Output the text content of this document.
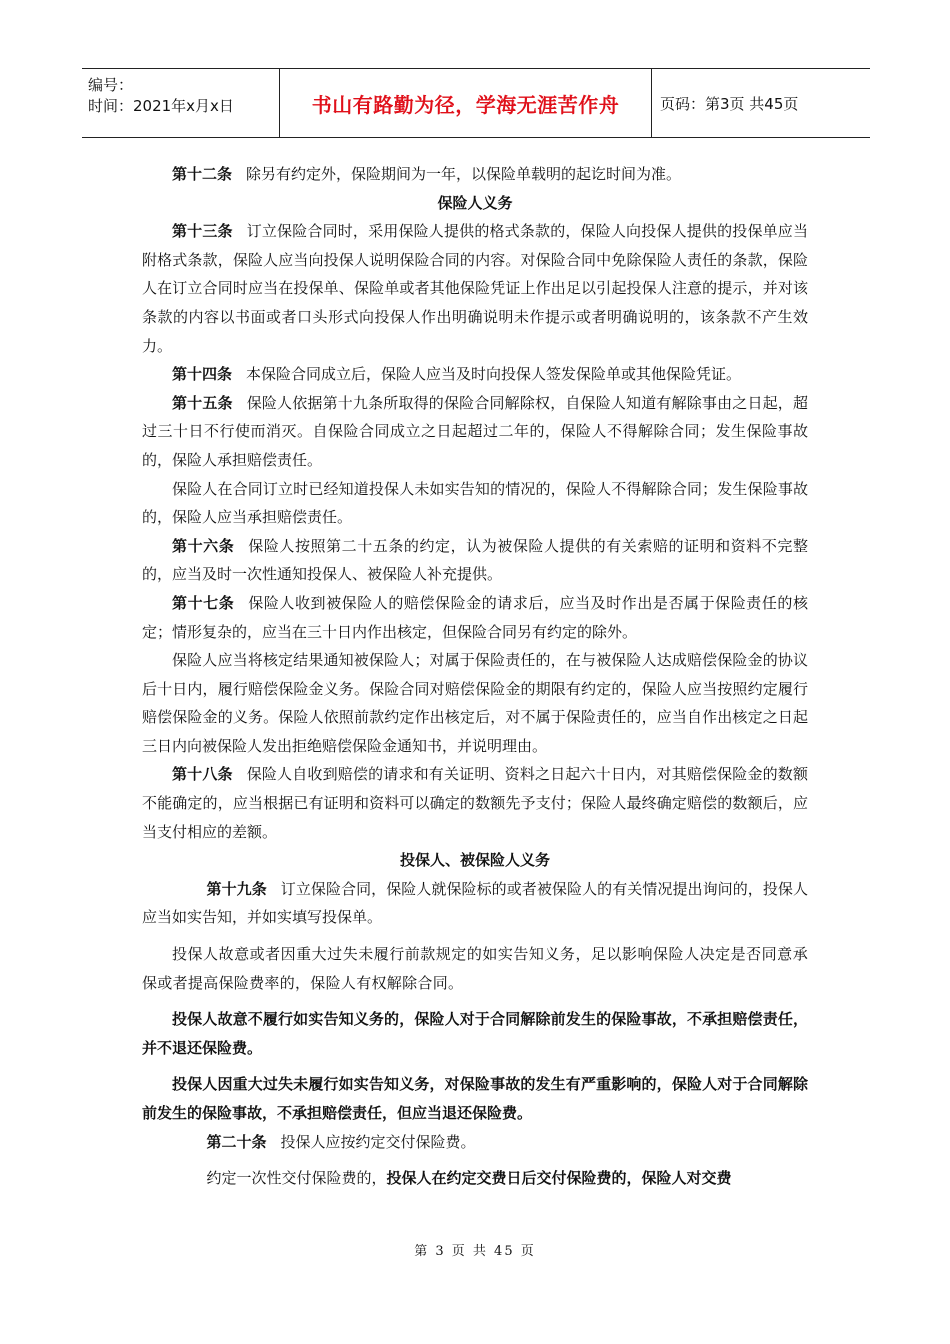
编号：
时间：2021年x月x日	书山有路勤为径，学海无涯苦作舟	页码：第3页 共45页

第十二条 除另有约定外，保险期间为一年，以保险单载明的起讫时间为准。

保险人义务

第十三条 订立保险合同时，采用保险人提供的格式条款的，保险人向投保人提供的投保单应当附格式条款，保险人应当向投保人说明保险合同的内容。对保险合同中免除保险人责任的条款，保险人在订立合同时应当在投保单、保险单或者其他保险凭证上作出足以引起投保人注意的提示，并对该条款的内容以书面或者口头形式向投保人作出明确说明未作提示或者明确说明的，该条款不产生效力。

第十四条 本保险合同成立后，保险人应当及时向投保人签发保险单或其他保险凭证。

第十五条 保险人依据第十九条所取得的保险合同解除权，自保险人知道有解除事由之日起，超过三十日不行使而消灭。自保险合同成立之日起超过二年的，保险人不得解除合同；发生保险事故的，保险人承担赔偿责任。

保险人在合同订立时已经知道投保人未如实告知的情况的，保险人不得解除合同；发生保险事故的，保险人应当承担赔偿责任。

第十六条 保险人按照第二十五条的约定，认为被保险人提供的有关索赔的证明和资料不完整的，应当及时一次性通知投保人、被保险人补充提供。

第十七条 保险人收到被保险人的赔偿保险金的请求后，应当及时作出是否属于保险责任的核定；情形复杂的，应当在三十日内作出核定，但保险合同另有约定的除外。

保险人应当将核定结果通知被保险人；对属于保险责任的，在与被保险人达成赔偿保险金的协议后十日内，履行赔偿保险金义务。保险合同对赔偿保险金的期限有约定的，保险人应当按照约定履行赔偿保险金的义务。保险人依照前款约定作出核定后，对不属于保险责任的，应当自作出核定之日起三日内向被保险人发出拒绝赔偿保险金通知书，并说明理由。

第十八条 保险人自收到赔偿的请求和有关证明、资料之日起六十日内，对其赔偿保险金的数额不能确定的，应当根据已有证明和资料可以确定的数额先予支付；保险人最终确定赔偿的数额后，应当支付相应的差额。

投保人、被保险人义务

第十九条 订立保险合同，保险人就保险标的或者被保险人的有关情况提出询问的，投保人应当如实告知，并如实填写投保单。

投保人故意或者因重大过失未履行前款规定的如实告知义务，足以影响保险人决定是否同意承保或者提高保险费率的，保险人有权解除合同。

投保人故意不履行如实告知义务的，保险人对于合同解除前发生的保险事故，不承担赔偿责任，并不退还保险费。

投保人因重大过失未履行如实告知义务，对保险事故的发生有严重影响的，保险人对于合同解除前发生的保险事故，不承担赔偿责任，但应当退还保险费。

第二十条 投保人应按约定交付保险费。

约定一次性交付保险费的，投保人在约定交费日后交付保险费的，保险人对交费

第 3 页 共 45 页
